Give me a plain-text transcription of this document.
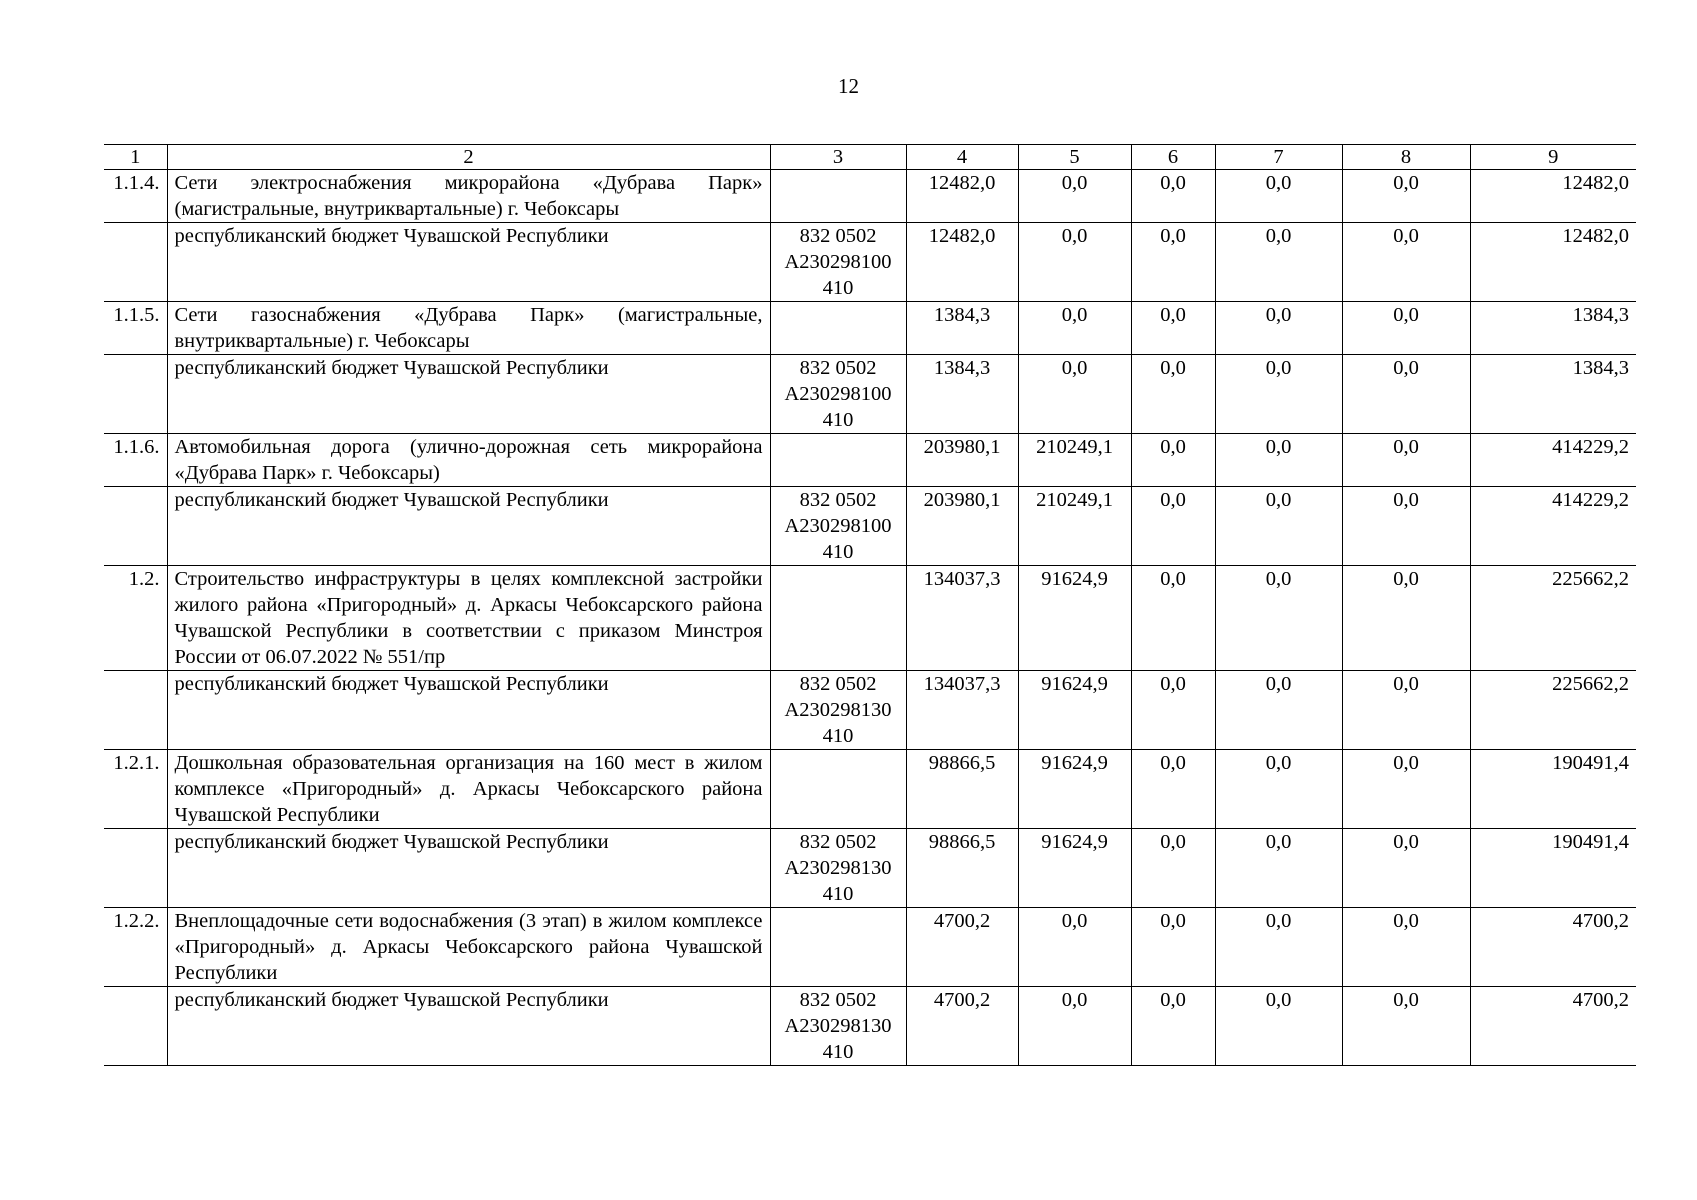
12
1	2	3	4	5	6	7	8	9
1.1.4.	Сети электроснабжения микрорайона «Дубрава Парк» (магистральные, внутриквартальные) г. Чебоксары		12482,0	0,0	0,0	0,0	0,0	12482,0
	республиканский бюджет Чувашской Республики	832 0502
А230298100
410	12482,0	0,0	0,0	0,0	0,0	12482,0
1.1.5.	Сети газоснабжения «Дубрава Парк» (магистральные, внутриквартальные) г. Чебоксары		1384,3	0,0	0,0	0,0	0,0	1384,3
	республиканский бюджет Чувашской Республики	832 0502
А230298100
410	1384,3	0,0	0,0	0,0	0,0	1384,3
1.1.6.	Автомобильная дорога (улично-дорожная сеть микрорайона «Дубрава Парк» г. Чебоксары)		203980,1	210249,1	0,0	0,0	0,0	414229,2
	республиканский бюджет Чувашской Республики	832 0502
А230298100
410	203980,1	210249,1	0,0	0,0	0,0	414229,2
1.2.	Строительство инфраструктуры в целях комплексной застройки жилого района «Пригородный» д. Аркасы Чебоксарского района Чувашской Республики в соответствии с приказом Минстроя России от 06.07.2022 № 551/пр		134037,3	91624,9	0,0	0,0	0,0	225662,2
	республиканский бюджет Чувашской Республики	832 0502
А230298130
410	134037,3	91624,9	0,0	0,0	0,0	225662,2
1.2.1.	Дошкольная образовательная организация на 160 мест в жилом комплексе «Пригородный» д. Аркасы Чебоксарского района Чувашской Республики		98866,5	91624,9	0,0	0,0	0,0	190491,4
	республиканский бюджет Чувашской Республики	832 0502
А230298130
410	98866,5	91624,9	0,0	0,0	0,0	190491,4
1.2.2.	Внеплощадочные сети водоснабжения (3 этап) в жилом комплексе «Пригородный» д. Аркасы Чебоксарского района Чувашской Республики		4700,2	0,0	0,0	0,0	0,0	4700,2
	республиканский бюджет Чувашской Республики	832 0502
А230298130
410	4700,2	0,0	0,0	0,0	0,0	4700,2
